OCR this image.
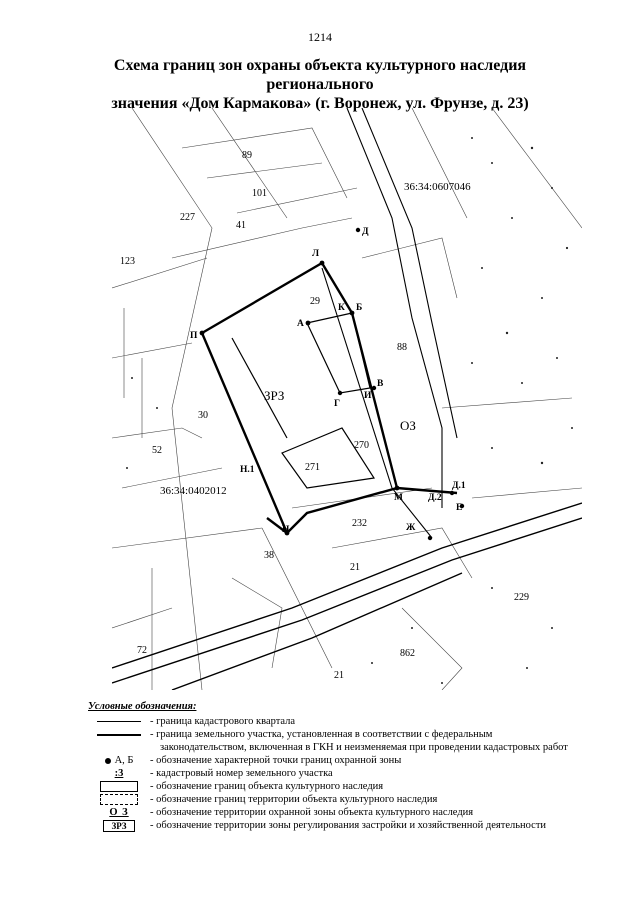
1214
Схема границ зон охраны объекта культурного наследия регионального
значения «Дом Кармакова» (г. Воронеж, ул. Фрунзе, д. 23)
36:34:0607046
36:34:0402012
ЗРЗ
ОЗ
89
101
227
41
123
29
30
52
271
270
232
38
21
229
72	862
21
88
Л
Д
А
К Б
П
В
И
Г
Н.1
М	Д.2
Д.1
Е
Н	Ж
Условные обозначения:
- граница кадастрового квартала
- граница земельного участка, установленная в соответствии с федеральным
законодательством, включенная в ГКН и неизменяемая при проведении кадастровых работ
А, Б - обозначение характерной точки границ охранной зоны
:3	- кадастровый номер земельного участка
- обозначение границ объекта культурного наследия
- обозначение границ территории объекта культурного наследия
О З - обозначение территории охранной зоны объекта культурного наследия
ЗРЗ	- обозначение территории зоны регулирования застройки и хозяйственной деятельности
